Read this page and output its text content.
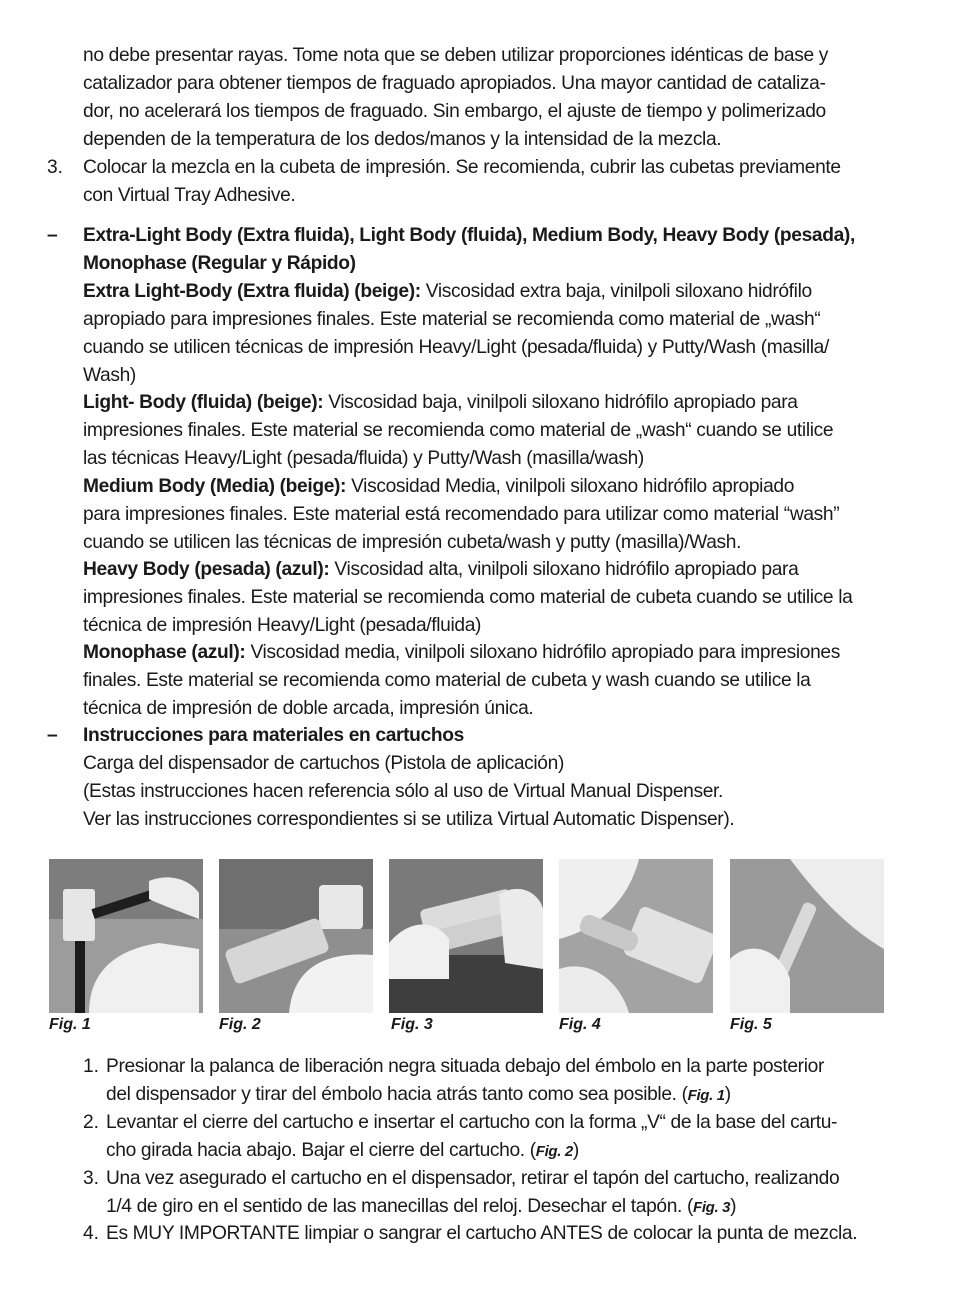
no debe presentar rayas. Tome nota que se deben utilizar proporciones idénticas de base y
catalizador para obtener tiempos de fraguado apropiados. Una mayor cantidad de cataliza-
dor, no acelerará los tiempos de fraguado. Sin embargo, el ajuste de tiempo y polimerizado
dependen de la temperatura de los dedos/manos y la intensidad de la mezcla.
3. Colocar la mezcla en la cubeta de impresión. Se recomienda, cubrir las cubetas previamente
con Virtual Tray Adhesive.
– Extra-Light Body (Extra fluida), Light Body (fluida), Medium Body, Heavy Body (pesada),
Monophase (Regular y Rápido)
Extra Light-Body (Extra fluida) (beige): Viscosidad extra baja, vinilpoli siloxano hidrófilo
apropiado para impresiones finales. Este material se recomienda como material de „wash“
cuando se utilicen técnicas de impresión Heavy/Light (pesada/fluida) y Putty/Wash (masilla/
Wash)
Light- Body (fluida) (beige): Viscosidad baja, vinilpoli siloxano hidrófilo apropiado para
impresiones finales. Este material se recomienda como material de „wash“ cuando se utilice
las técnicas Heavy/Light (pesada/fluida) y Putty/Wash (masilla/wash)
Medium Body (Media) (beige): Viscosidad Media, vinilpoli siloxano hidrófilo apropiado
para impresiones finales. Este material está recomendado para utilizar como material “wash”
cuando se utilicen las técnicas de impresión cubeta/wash y putty (masilla)/Wash.
Heavy Body (pesada) (azul): Viscosidad alta, vinilpoli siloxano hidrófilo apropiado para
impresiones finales. Este material se recomienda como material de cubeta cuando se utilice la
técnica de impresión Heavy/Light (pesada/fluida)
Monophase (azul): Viscosidad media, vinilpoli siloxano hidrófilo apropiado para impresiones
finales. Este material se recomienda como material de cubeta y wash cuando se utilice la
técnica de impresión de doble arcada, impresión única.
– Instrucciones para materiales en cartuchos
Carga del dispensador de cartuchos (Pistola de aplicación)
(Estas instrucciones hacen referencia sólo al uso de Virtual Manual Dispenser.
Ver las instrucciones correspondientes si se utiliza Virtual Automatic Dispenser).
Fig. 1	Fig. 2	Fig. 3	Fig. 4	Fig. 5
1. Presionar la palanca de liberación negra situada debajo del émbolo en la parte posterior
del dispensador y tirar del émbolo hacia atrás tanto como sea posible. (Fig. 1)
2. Levantar el cierre del cartucho e insertar el cartucho con la forma „V“ de la base del cartu-
cho girada hacia abajo. Bajar el cierre del cartucho. (Fig. 2)
3. Una vez asegurado el cartucho en el dispensador, retirar el tapón del cartucho, realizando
1/4 de giro en el sentido de las manecillas del reloj. Desechar el tapón. (Fig. 3)
4. Es MUY IMPORTANTE limpiar o sangrar el cartucho ANTES de colocar la punta de mezcla.
